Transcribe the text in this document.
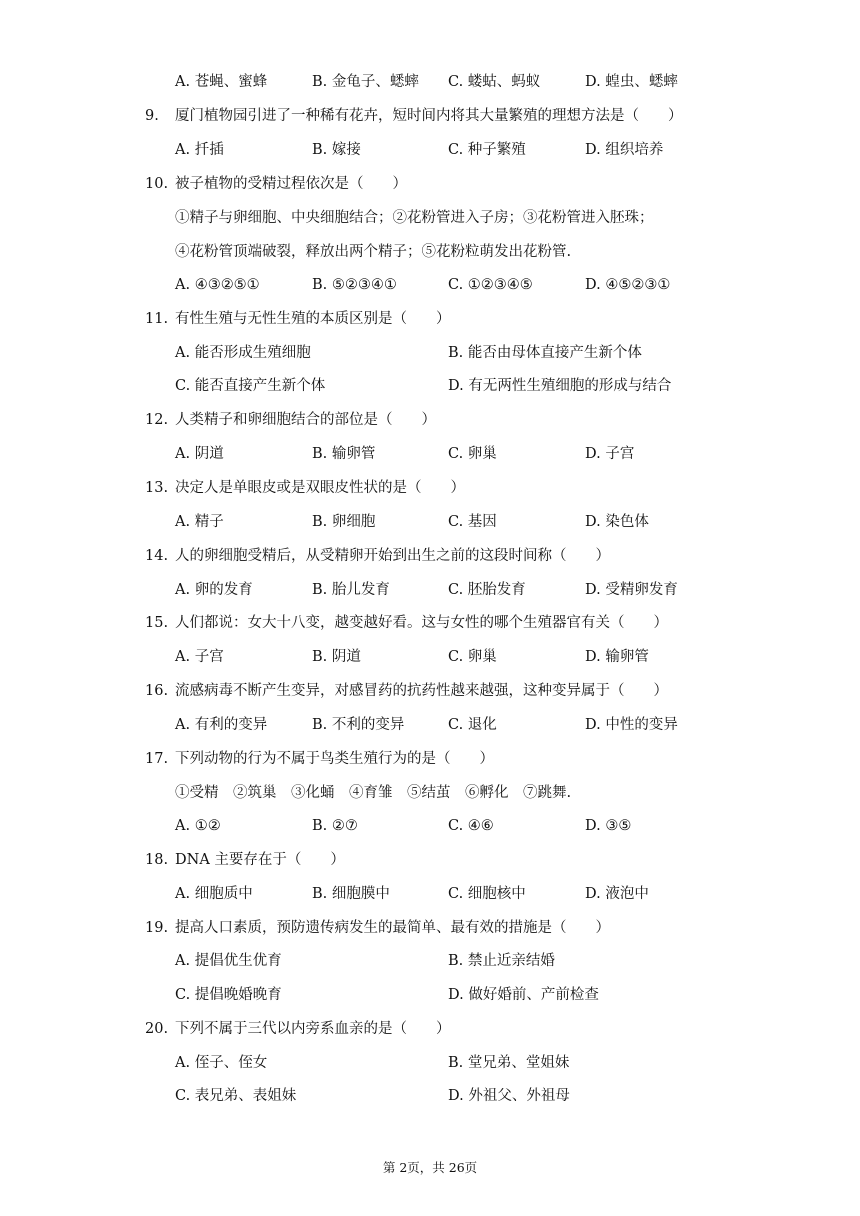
A. 苍蝇、蜜蜂	B. 金龟子、蟋蟀 C. 蝼蛄、蚂蚁	D. 蝗虫、蟋蟀
9. 厦门植物园引进了一种稀有花卉，短时间内将其大量繁殖的理想方法是（　　）
A. 扦插	B. 嫁接	C. 种子繁殖	D. 组织培养
10. 被子植物的受精过程依次是（　　）
①精子与卵细胞、中央细胞结合；②花粉管进入子房；③花粉管进入胚珠；
④花粉管顶端破裂，释放出两个精子；⑤花粉粒萌发出花粉管.
A. ④③②⑤①	B. ⑤②③④①	C. ①②③④⑤	D. ④⑤②③①
11. 有性生殖与无性生殖的本质区别是（　　）
A. 能否形成生殖细胞	B. 能否由母体直接产生新个体
C. 能否直接产生新个体	D. 有无两性生殖细胞的形成与结合
12. 人类精子和卵细胞结合的部位是（　　）
A. 阴道	B. 输卵管	C. 卵巢	D. 子宫
13. 决定人是单眼皮或是双眼皮性状的是（　　）
A. 精子	B. 卵细胞	C. 基因	D. 染色体
14. 人的卵细胞受精后，从受精卵开始到出生之前的这段时间称（　　）
A. 卵的发育	B. 胎儿发育	C. 胚胎发育	D. 受精卵发育
15. 人们都说：女大十八变，越变越好看。这与女性的哪个生殖器官有关（　　）
A. 子宫	B. 阴道	C. 卵巢	D. 输卵管
16. 流感病毒不断产生变异，对感冒药的抗药性越来越强，这种变异属于（　　）
A. 有利的变异	B. 不利的变异	C. 退化	D. 中性的变异
17. 下列动物的行为不属于鸟类生殖行为的是（　　）
①受精　②筑巢　③化蛹　④育雏　⑤结茧　⑥孵化　⑦跳舞.
A. ①②	B. ②⑦	C. ④⑥	D. ③⑤
18. DNA 主要存在于（　　）
A. 细胞质中	B. 细胞膜中	C. 细胞核中	D. 液泡中
19. 提高人口素质，预防遗传病发生的最简单、最有效的措施是（　　）
A. 提倡优生优育	B. 禁止近亲结婚
C. 提倡晚婚晚育	D. 做好婚前、产前检查
20. 下列不属于三代以内旁系血亲的是（　　）
A. 侄子、侄女	B. 堂兄弟、堂姐妹
C. 表兄弟、表姐妹	D. 外祖父、外祖母
第 2页，共 26页
